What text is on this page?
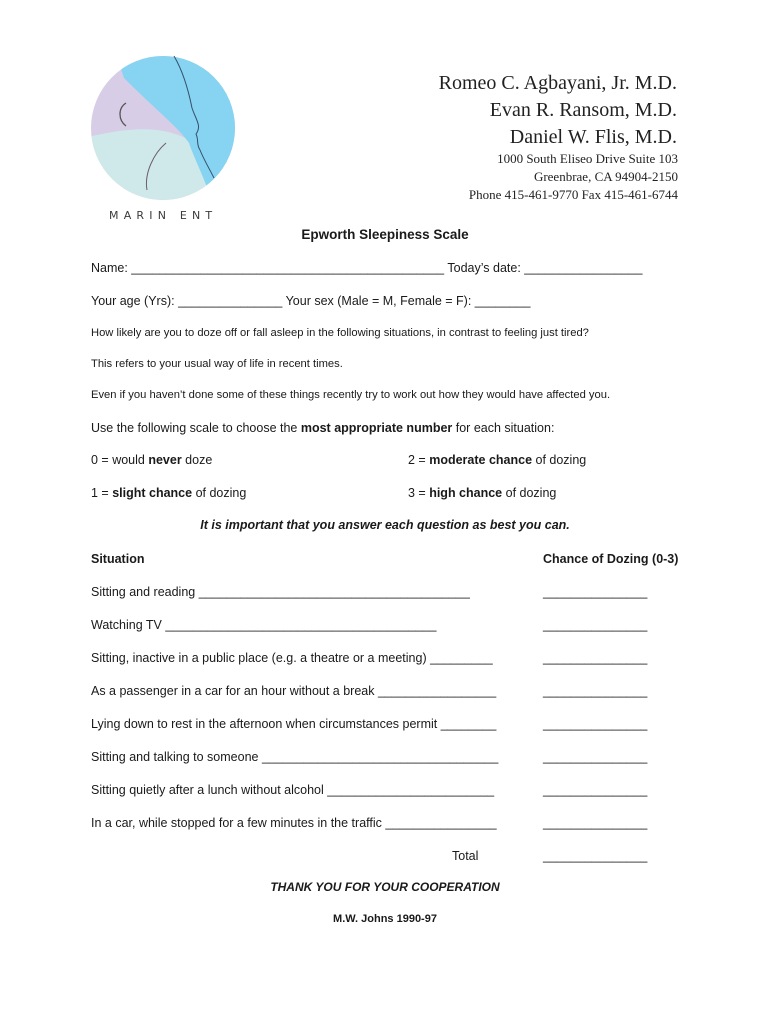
MARIN ENT
Romeo C. Agbayani, Jr. M.D.
Evan R. Ransom, M.D.
Daniel W. Flis, M.D.
1000 South Eliseo Drive Suite 103
Greenbrae, CA 94904-2150
Phone 415-461-9770 Fax 415-461-6744
Epworth Sleepiness Scale
Name: _____________________________________________ Today’s date: _________________
Your age (Yrs): _______________ Your sex (Male = M, Female = F): ________
How likely are you to doze off or fall asleep in the following situations, in contrast to feeling just tired?
This refers to your usual way of life in recent times.
Even if you haven’t done some of these things recently try to work out how they would have affected you.
Use the following scale to choose the most appropriate number for each situation:
0 = would never doze	2 = moderate chance of dozing
1 = slight chance of dozing	3 = high chance of dozing
It is important that you answer each question as best you can.
Situation	Chance of Dozing (0-3)
Sitting and reading _______________________________________	_______________
Watching TV _______________________________________	_______________
Sitting, inactive in a public place (e.g. a theatre or a meeting) _________	_______________
As a passenger in a car for an hour without a break _________________	_______________
Lying down to rest in the afternoon when circumstances permit ________	_______________
Sitting and talking to someone __________________________________	_______________
Sitting quietly after a lunch without alcohol ________________________	_______________
In a car, while stopped for a few minutes in the traffic ________________	_______________
Total	_______________
THANK YOU FOR YOUR COOPERATION
M.W. Johns 1990-97
